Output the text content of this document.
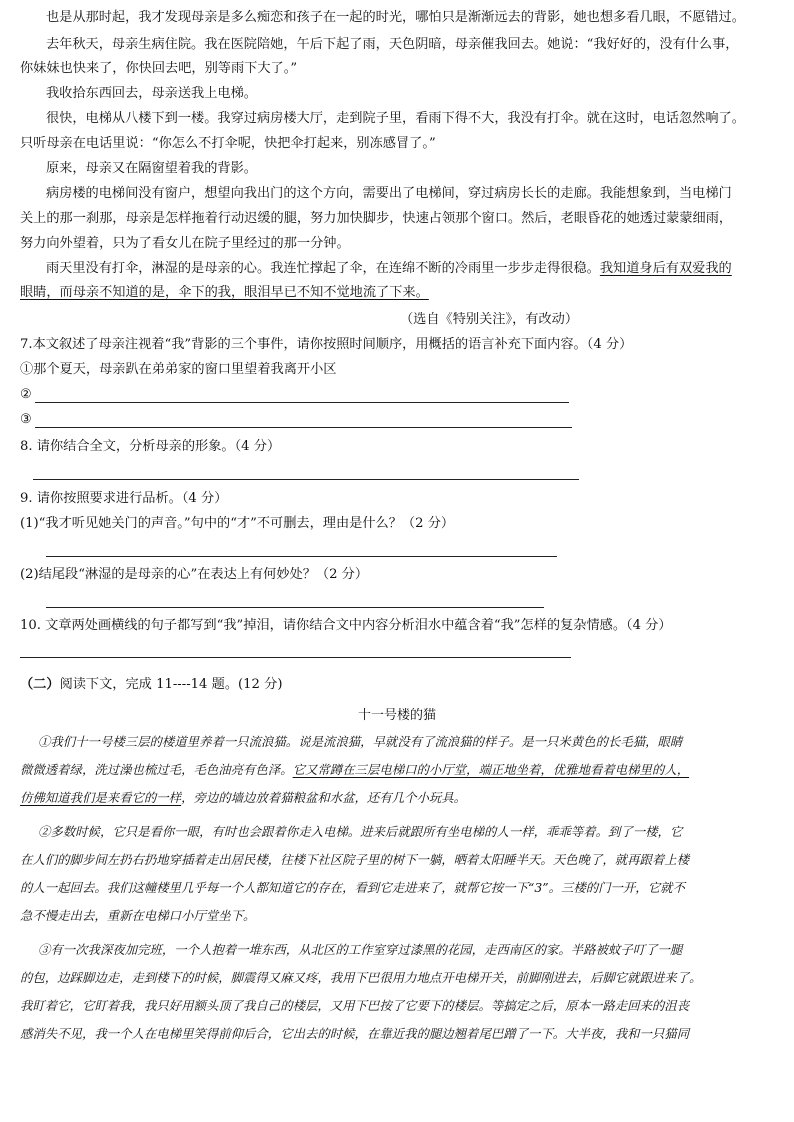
也是从那时起，我才发现母亲是多么痴恋和孩子在一起的时光，哪怕只是渐渐远去的背影，她也想多看几眼，不愿错过。
去年秋天，母亲生病住院。我在医院陪她，午后下起了雨，天色阴暗，母亲催我回去。她说：“我好好的，没有什么事，
你妹妹也快来了，你快回去吧，别等雨下大了。”
我收拾东西回去，母亲送我上电梯。
很快，电梯从八楼下到一楼。我穿过病房楼大厅，走到院子里，看雨下得不大，我没有打伞。就在这时，电话忽然响了。
只听母亲在电话里说：“你怎么不打伞呢，快把伞打起来，别冻感冒了。”
原来，母亲又在隔窗望着我的背影。
病房楼的电梯间没有窗户，想望向我出门的这个方向，需要出了电梯间，穿过病房长长的走廊。我能想象到，当电梯门
关上的那一刹那，母亲是怎样拖着行动迟缓的腿，努力加快脚步，快速占领那个窗口。然后，老眼昏花的她透过蒙蒙细雨，
努力向外望着，只为了看女儿在院子里经过的那一分钟。
雨天里没有打伞，淋湿的是母亲的心。我连忙撑起了伞，在连绵不断的冷雨里一步步走得很稳。我知道身后有双爱我的
眼睛，而母亲不知道的是，伞下的我，眼泪早已不知不觉地流了下来。
（选自《特别关注》，有改动）
7.本文叙述了母亲注视着“我”背影的三个事件，请你按照时间顺序，用概括的语言补充下面内容。（4 分）
①那个夏天，母亲趴在弟弟家的窗口里望着我离开小区
②
③
8. 请你结合全文，分析母亲的形象。（4 分）
9. 请你按照要求进行品析。（4 分）
(1)“我才听见她关门的声音。”句中的“才”不可删去，理由是什么？（2 分）
(2)结尾段“淋湿的是母亲的心”在表达上有何妙处？（2 分）
10. 文章两处画横线的句子都写到“我”掉泪，请你结合文中内容分析泪水中蕴含着“我”怎样的复杂情感。（4 分）
（二）阅读下文，完成 11----14 题。(12 分)
十一号楼的猫
①我们十一号楼三层的楼道里养着一只流浪猫。说是流浪猫，早就没有了流浪猫的样子。是一只米黄色的长毛猫，眼睛
微微透着绿，洗过澡也梳过毛，毛色油亮有色泽。它又常蹲在三层电梯口的小厅堂，端正地坐着，优雅地看着电梯里的人，
仿佛知道我们是来看它的一样，旁边的墙边放着猫粮盆和水盆，还有几个小玩具。
②多数时候，它只是看你一眼，有时也会跟着你走入电梯。进来后就跟所有坐电梯的人一样，乖乖等着。到了一楼，它
在人们的脚步间左扔右扔地穿插着走出居民楼，往楼下社区院子里的树下一躺，晒着太阳睡半天。天色晚了，就再跟着上楼
的人一起回去。我们这幢楼里几乎每一个人都知道它的存在，看到它走进来了，就帮它按一下“3”。三楼的门一开，它就不
急不慢走出去，重新在电梯口小厅堂坐下。
③有一次我深夜加完班，一个人抱着一堆东西，从北区的工作室穿过漆黑的花园，走西南区的家。半路被蚊子叮了一腿
的包，边踩脚边走，走到楼下的时候，脚震得又麻又疼，我用下巴很用力地点开电梯开关，前脚刚进去，后脚它就跟进来了。
我盯着它，它盯着我，我只好用额头顶了我自己的楼层，又用下巴按了它要下的楼层。等搞定之后，原本一路走回来的沮丧
感消失不见，我一个人在电梯里笑得前仰后合，它出去的时候，在靠近我的腿边翘着尾巴蹭了一下。大半夜，我和一只猫同
